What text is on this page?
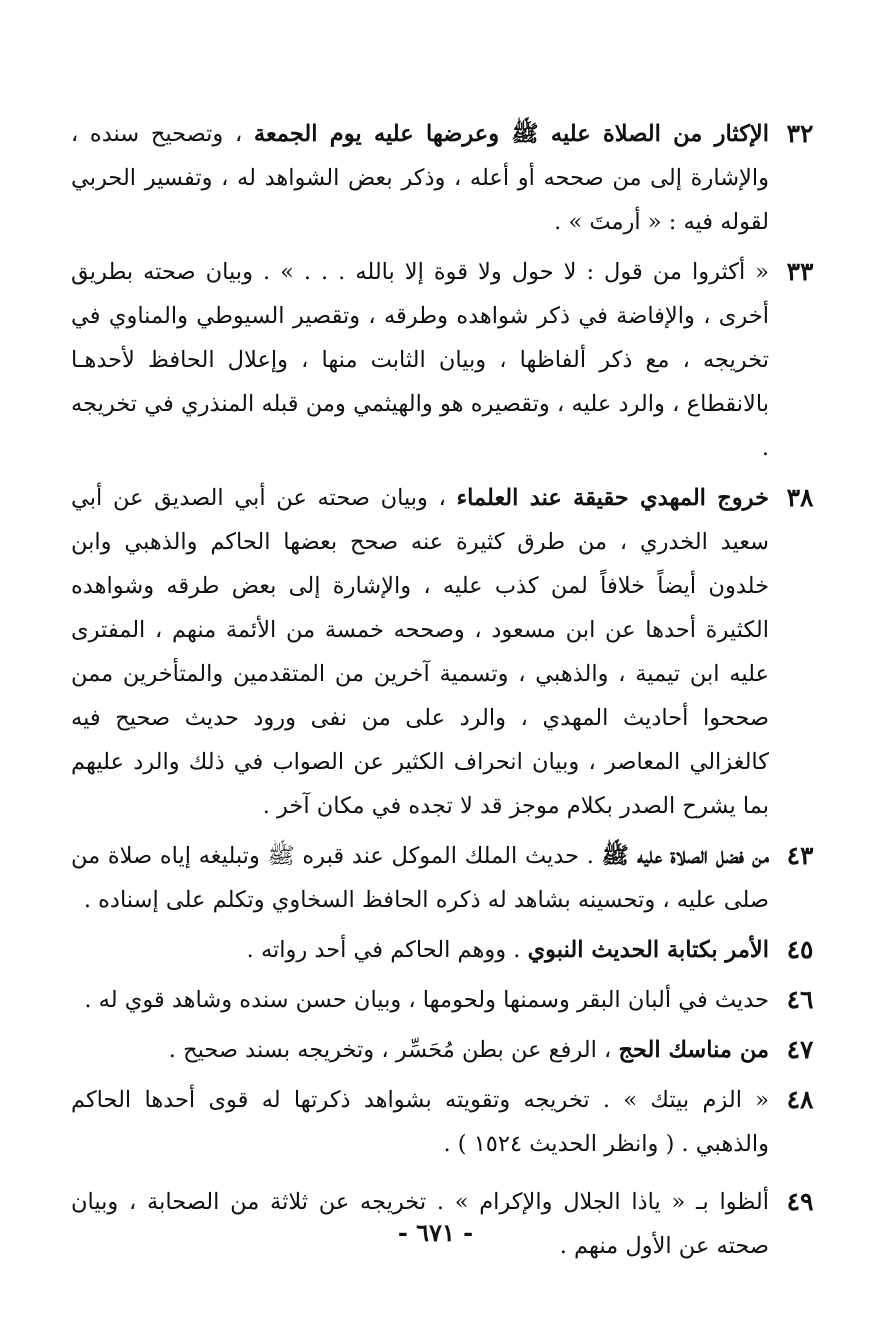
٣٢
الإكثار من الصلاة عليه ﷺ وعرضها عليه يوم الجمعة ، وتصحيح سنده ، والإشارة إلى من صححه أو أعله ، وذكر بعض الشواهد له ، وتفسير الحربي لقوله فيه : « أرمتَ » .
٣٣
« أكثروا من قول : لا حول ولا قوة إلا بالله . . . » . وبيان صحته بطريق أخرى ، والإفاضة في ذكر شواهده وطرقه ، وتقصير السيوطي والمناوي في تخريجه ، مع ذكر ألفاظها ، وبيان الثابت منها ، وإعلال الحافظ لأحدهـا بالانقطاع ، والرد عليه ، وتقصيره هو والهيثمي ومن قبله المنذري في تخريجه .
٣٨
خروج المهدي حقيقة عند العلماء ، وبيان صحته عن أبي الصديق عن أبي سعيد الخدري ، من طرق كثيرة عنه صحح بعضها الحاكم والذهبي وابن خلدون أيضاً خلافاً لمن كذب عليه ، والإشارة إلى بعض طرقه وشواهده الكثيرة أحدها عن ابن مسعود ، وصححه خمسة من الأئمة منهم ، المفترى عليه ابن تيمية ، والذهبي ، وتسمية آخرين من المتقدمين والمتأخرين ممن صححوا أحاديث المهدي ، والرد على من نفى ورود حديث صحيح فيه كالغزالي المعاصر ، وبيان انحراف الكثير عن الصواب في ذلك والرد عليهم بما يشرح الصدر بكلام موجز قد لا تجده في مكان آخر .
٤٣
من فضل الصلاة عليه ﷺ . حديث الملك الموكل عند قبره ﷺ وتبليغه إياه صلاة من صلى عليه ، وتحسينه بشاهد له ذكره الحافظ السخاوي وتكلم على إسناده .
٤٥
الأمر بكتابة الحديث النبوي . ووهم الحاكم في أحد رواته .
٤٦
حديث في ألبان البقر وسمنها ولحومها ، وبيان حسن سنده وشاهد قوي له .
٤٧
من مناسك الحج ، الرفع عن بطن مُحَسِّر ، وتخريجه بسند صحيح .
٤٨
« الزم بيتك » . تخريجه وتقويته بشواهد ذكرتها له قوى أحدها الحاكم والذهبي . ( وانظر الحديث ١٥٢٤ ) .
٤٩
ألظوا بـ « ياذا الجلال والإكرام » . تخريجه عن ثلاثة من الصحابة ، وبيان صحته عن الأول منهم .
- ٦٧١ -
